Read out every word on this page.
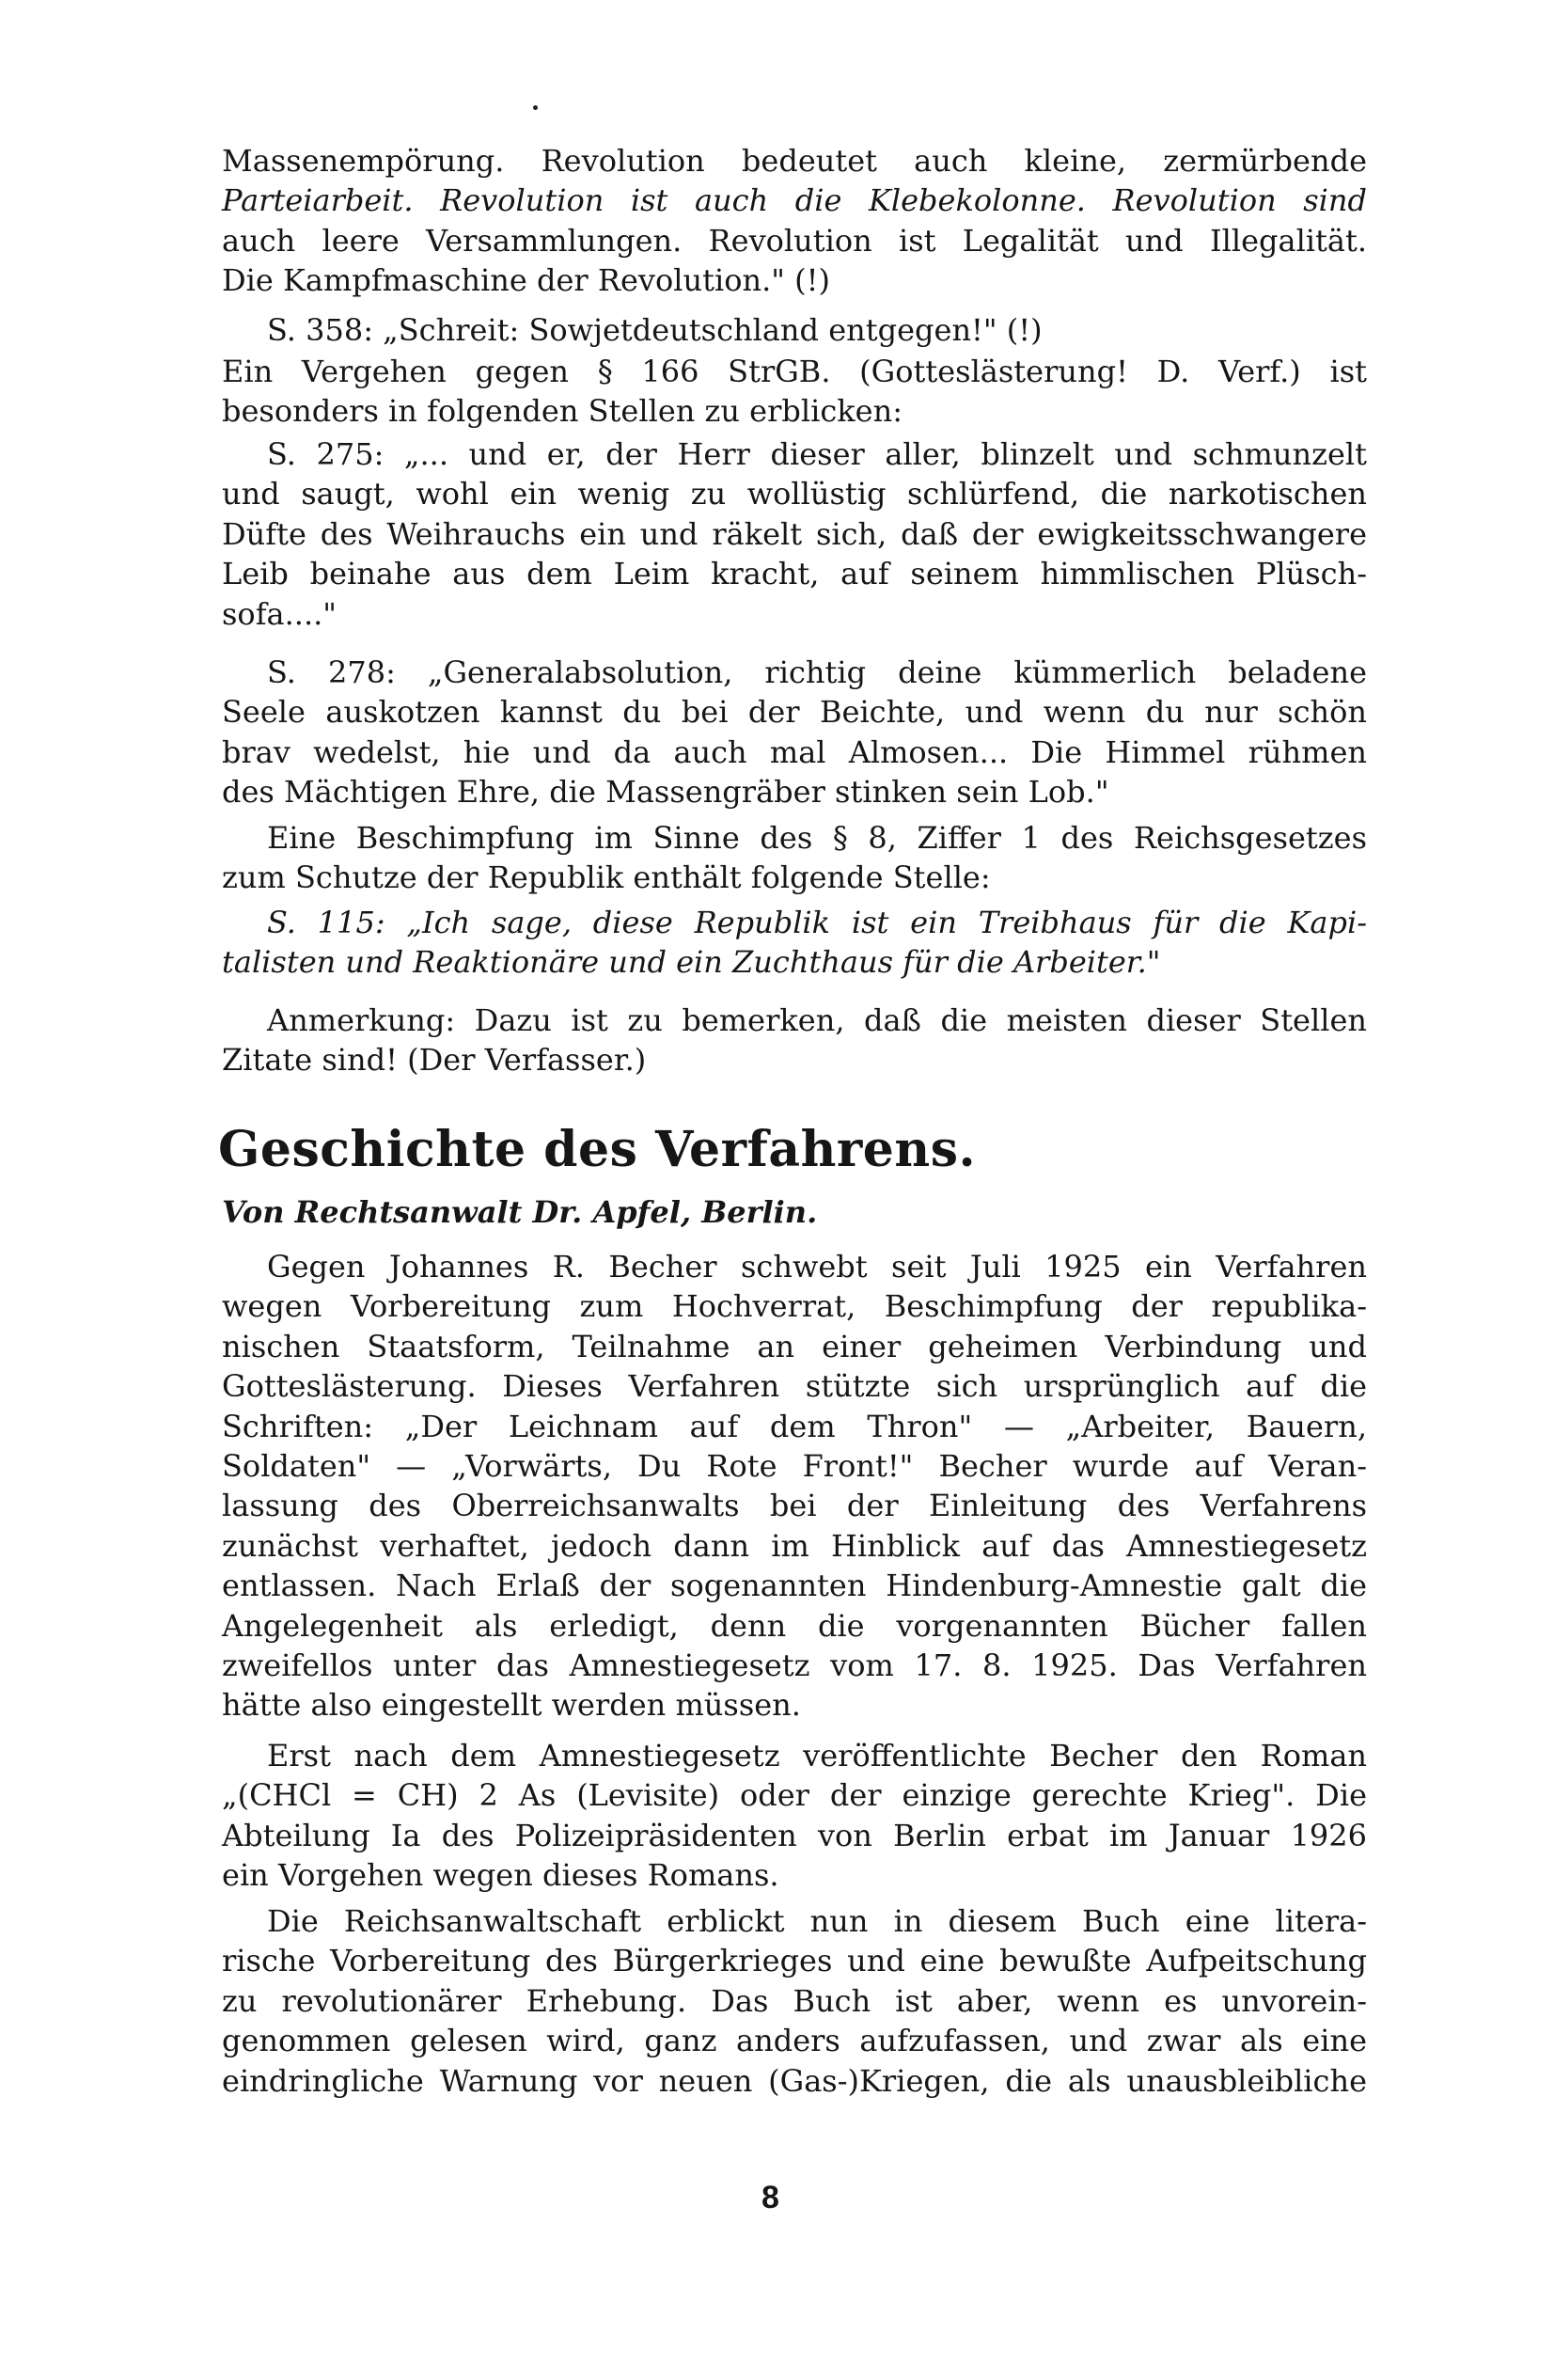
Massenempörung. Revolution bedeutet auch kleine, zermürbende
Parteiarbeit. Revolution ist auch die Klebekolonne. Revolution sind
auch leere Versammlungen. Revolution ist Legalität und Illegalität.
Die Kampfmaschine der Revolution." (!)
S. 358: „Schreit: Sowjetdeutschland entgegen!" (!)
Ein Vergehen gegen § 166 StrGB. (Gotteslästerung! D. Verf.) ist
besonders in folgenden Stellen zu erblicken:
S. 275: „... und er, der Herr dieser aller, blinzelt und schmunzelt
und saugt, wohl ein wenig zu wollüstig schlürfend, die narkotischen
Düfte des Weihrauchs ein und räkelt sich, daß der ewigkeitsschwangere
Leib beinahe aus dem Leim kracht, auf seinem himmlischen Plüsch-
sofa...."
S. 278: „Generalabsolution, richtig deine kümmerlich beladene
Seele auskotzen kannst du bei der Beichte, und wenn du nur schön
brav wedelst, hie und da auch mal Almosen... Die Himmel rühmen
des Mächtigen Ehre, die Massengräber stinken sein Lob."
Eine Beschimpfung im Sinne des § 8, Ziffer 1 des Reichsgesetzes
zum Schutze der Republik enthält folgende Stelle:
S. 115: „Ich sage, diese Republik ist ein Treibhaus für die Kapi-
talisten und Reaktionäre und ein Zuchthaus für die Arbeiter."
Anmerkung: Dazu ist zu bemerken, daß die meisten dieser Stellen
Zitate sind! (Der Verfasser.)
Geschichte des Verfahrens.
Von Rechtsanwalt Dr. Apfel, Berlin.
Gegen Johannes R. Becher schwebt seit Juli 1925 ein Verfahren
wegen Vorbereitung zum Hochverrat, Beschimpfung der republika-
nischen Staatsform, Teilnahme an einer geheimen Verbindung und
Gotteslästerung. Dieses Verfahren stützte sich ursprünglich auf die
Schriften: „Der Leichnam auf dem Thron" — „Arbeiter, Bauern,
Soldaten" — „Vorwärts, Du Rote Front!" Becher wurde auf Veran-
lassung des Oberreichsanwalts bei der Einleitung des Verfahrens
zunächst verhaftet, jedoch dann im Hinblick auf das Amnestiegesetz
entlassen. Nach Erlaß der sogenannten Hindenburg-Amnestie galt die
Angelegenheit als erledigt, denn die vorgenannten Bücher fallen
zweifellos unter das Amnestiegesetz vom 17. 8. 1925. Das Verfahren
hätte also eingestellt werden müssen.
Erst nach dem Amnestiegesetz veröffentlichte Becher den Roman
„(CHCl = CH) 2 As (Levisite) oder der einzige gerechte Krieg". Die
Abteilung Ia des Polizeipräsidenten von Berlin erbat im Januar 1926
ein Vorgehen wegen dieses Romans.
Die Reichsanwaltschaft erblickt nun in diesem Buch eine litera-
rische Vorbereitung des Bürgerkrieges und eine bewußte Aufpeitschung
zu revolutionärer Erhebung. Das Buch ist aber, wenn es unvorein-
genommen gelesen wird, ganz anders aufzufassen, und zwar als eine
eindringliche Warnung vor neuen (Gas-)Kriegen, die als unausbleibliche
8
